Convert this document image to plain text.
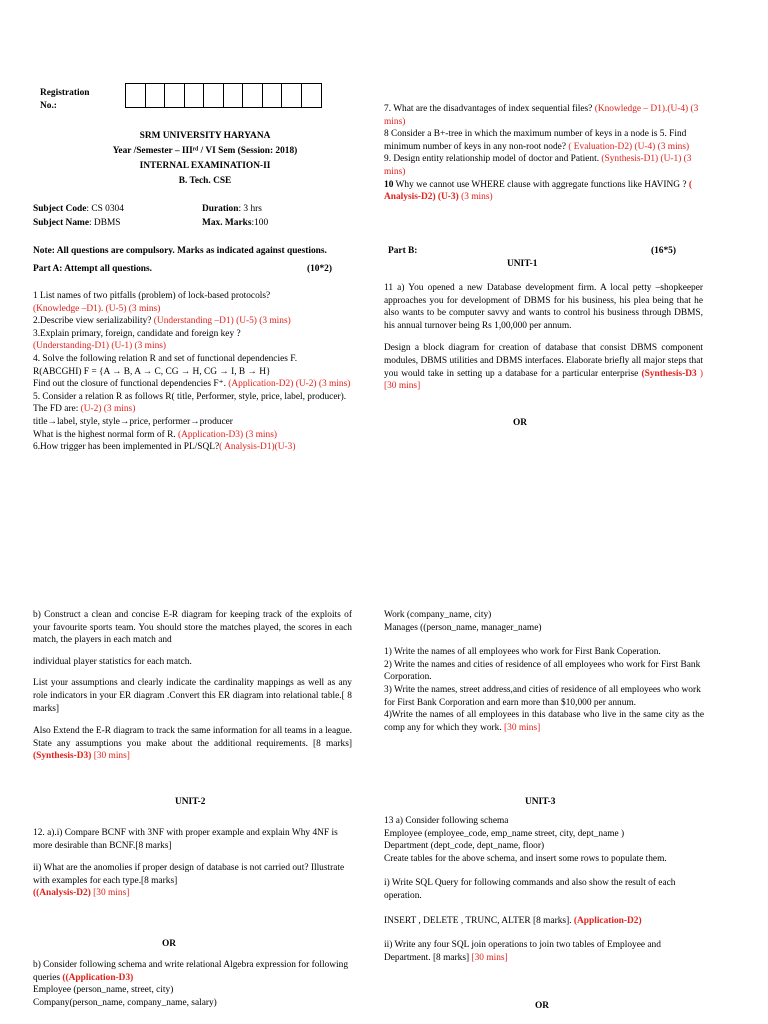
Registration
No.:
SRM UNIVERSITY HARYANA
Year /Semester – IIIʳᵈ / VI Sem (Session: 2018)
INTERNAL EXAMINATION-II
B. Tech. CSE
Subject Code: CS 0304	Duration: 3 hrs
Subject Name: DBMS	Max. Marks:100
Note: All questions are compulsory. Marks as indicated against questions.
Part A: Attempt all questions.	(10*2)

1 List names of two pitfalls (problem) of lock-based protocols?
(Knowledge –D1). (U-5) (3 mins)

2.Describe view serializability? (Understanding –D1) (U-5) (3 mins)

3.Explain primary, foreign, candidate and foreign key ?
(Understanding-D1) (U-1) (3 mins)

4. Solve the following relation R and set of functional dependencies F.
R(ABCGHI) F = {A → B, A → C, CG → H, CG → I, B → H}
Find out the closure of functional dependencies F⁺. (Application-D2) (U-2) (3 mins)

5. Consider a relation R as follows R( title, Performer, style, price, label, producer). The FD are: (U-2) (3 mins)
title→label, style, style→price, performer→producer
What is the highest normal form of R. (Application-D3) (3 mins)

6.How trigger has been implemented in PL/SQL?( Analysis-D1)(U-3)

7. What are the disadvantages of index sequential files? (Knowledge – D1).(U-4) (3 mins)

8 Consider a B+-tree in which the maximum number of keys in a node is 5. Find minimum number of keys in any non-root node? ( Evaluation-D2) (U-4) (3 mins)

9. Design entity relationship model of doctor and Patient. (Synthesis-D1) (U-1) (3 mins)

10 Why we cannot use WHERE clause with aggregate functions like HAVING ? ( Analysis-D2) (U-3) (3 mins)

Part B:	(16*5)
UNIT-1

11 a) You opened a new Database development firm. A local petty –shopkeeper approaches you for development of DBMS for his business, his plea being that he also wants to be computer savvy and wants to control his business through DBMS, his annual turnover being Rs 1,00,000 per annum.

Design a block diagram for creation of database that consist DBMS component modules, DBMS utilities and DBMS interfaces. Elaborate briefly all major steps that you would take in setting up a database for a particular enterprise (Synthesis-D3 )[30 mins]

OR

b) Construct a clean and concise E-R diagram for keeping track of the exploits of your favourite sports team. You should store the matches played, the scores in each match, the players in each match and

individual player statistics for each match.

List your assumptions and clearly indicate the cardinality mappings as well as any role indicators in your ER diagram .Convert this ER diagram into relational table.[ 8 marks]

Also Extend the E-R diagram to track the same information for all teams in a league. State any assumptions you make about the additional requirements. [8 marks] (Synthesis-D3) [30 mins]

Work (company_name, city)

Manages ((person_name, manager_name)

1) Write the names of all employees who work for First Bank Coperation.

2) Write the names and cities of residence of all employees who work for First Bank Corporation.

3) Write the names, street address,and cities of residence of all employees who work for First Bank Corporation and earn more than $10,000 per annum.

4)Write the names of all employees in this database who live in the same city as the comp any for which they work. [30 mins]

UNIT-2	UNIT-3

12. a).i) Compare BCNF with 3NF with proper example and explain Why 4NF is more desirable than BCNF.[8 marks]

ii) What are the anomolies if proper design of database is not carried out? Illustrate with examples for each type.[8 marks]

((Analysis-D2) [30 mins]

OR

b) Consider following schema and write relational Algebra expression for following queries ((Application-D3)

Employee (person_name, street, city)

Company(person_name, company_name, salary)

13 a) Consider following schema

Employee (employee_code, emp_name street, city, dept_name )

Department (dept_code, dept_name, floor)

Create tables for the above schema, and insert some rows to populate them.

i) Write SQL Query for following commands and also show the result of each operation.

INSERT , DELETE , TRUNC, ALTER [8 marks]. (Application-D2)

ii) Write any four SQL join operations to join two tables of Employee and Department. [8 marks] [30 mins]

OR
